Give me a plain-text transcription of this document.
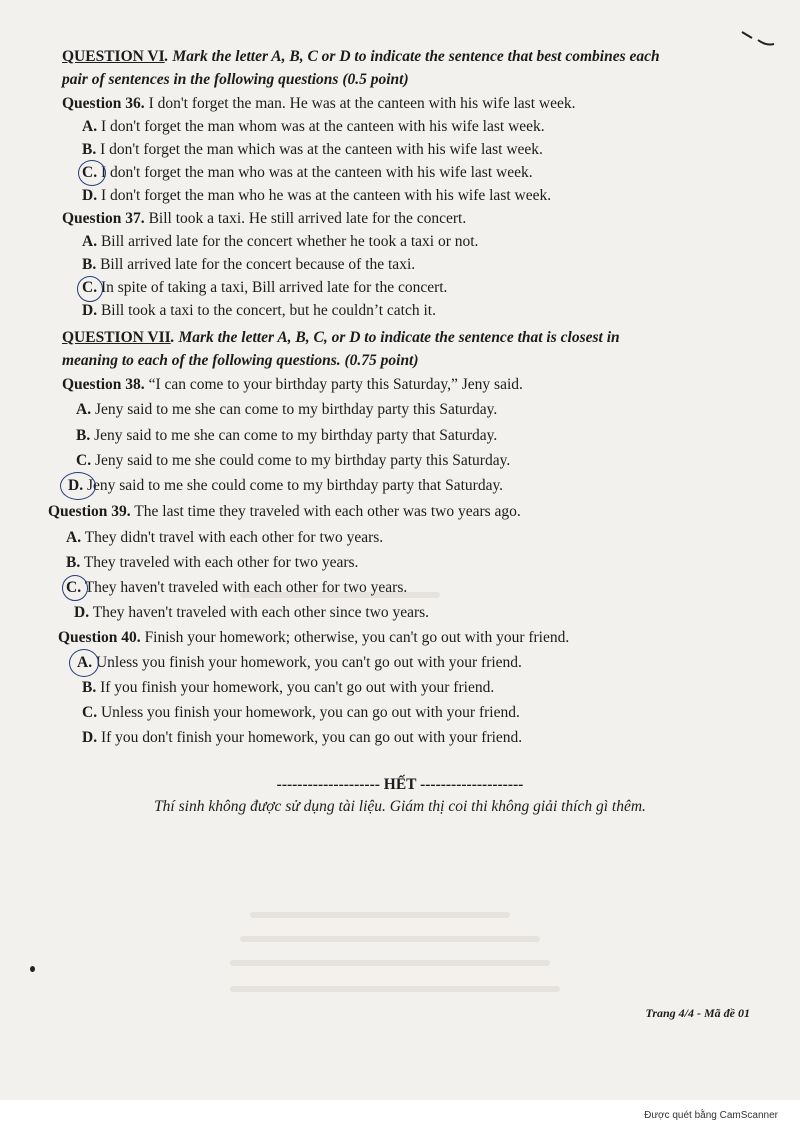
QUESTION VI. Mark the letter A, B, C or D to indicate the sentence that best combines each
pair of sentences in the following questions (0.5 point)
Question 36. I don't forget the man. He was at the canteen with his wife last week.
A. I don't forget the man whom was at the canteen with his wife last week.
B. I don't forget the man which was at the canteen with his wife last week.
C. I don't forget the man who was at the canteen with his wife last week.
D. I don't forget the man who he was at the canteen with his wife last week.
Question 37. Bill took a taxi. He still arrived late for the concert.
A. Bill arrived late for the concert whether he took a taxi or not.
B. Bill arrived late for the concert because of the taxi.
C. In spite of taking a taxi, Bill arrived late for the concert.
D. Bill took a taxi to the concert, but he couldn’t catch it.
QUESTION VII. Mark the letter A, B, C, or D to indicate the sentence that is closest in
meaning to each of the following questions. (0.75 point)
Question 38. “I can come to your birthday party this Saturday,” Jeny said.
A. Jeny said to me she can come to my birthday party this Saturday.
B. Jeny said to me she can come to my birthday party that Saturday.
C. Jeny said to me she could come to my birthday party this Saturday.
D. Jeny said to me she could come to my birthday party that Saturday.
Question 39. The last time they traveled with each other was two years ago.
A. They didn't travel with each other for two years.
B. They traveled with each other for two years.
C. They haven't traveled with each other for two years.
D. They haven't traveled with each other since two years.
Question 40. Finish your homework; otherwise, you can't go out with your friend.
A. Unless you finish your homework, you can't go out with your friend.
B. If you finish your homework, you can't go out with your friend.
C. Unless you finish your homework, you can go out with your friend.
D. If you don't finish your homework, you can go out with your friend.
-------------------- HẾT --------------------
Thí sinh không được sử dụng tài liệu. Giám thị coi thi không giải thích gì thêm.
Trang 4/4 - Mã đề 01
Được quét bằng CamScanner
